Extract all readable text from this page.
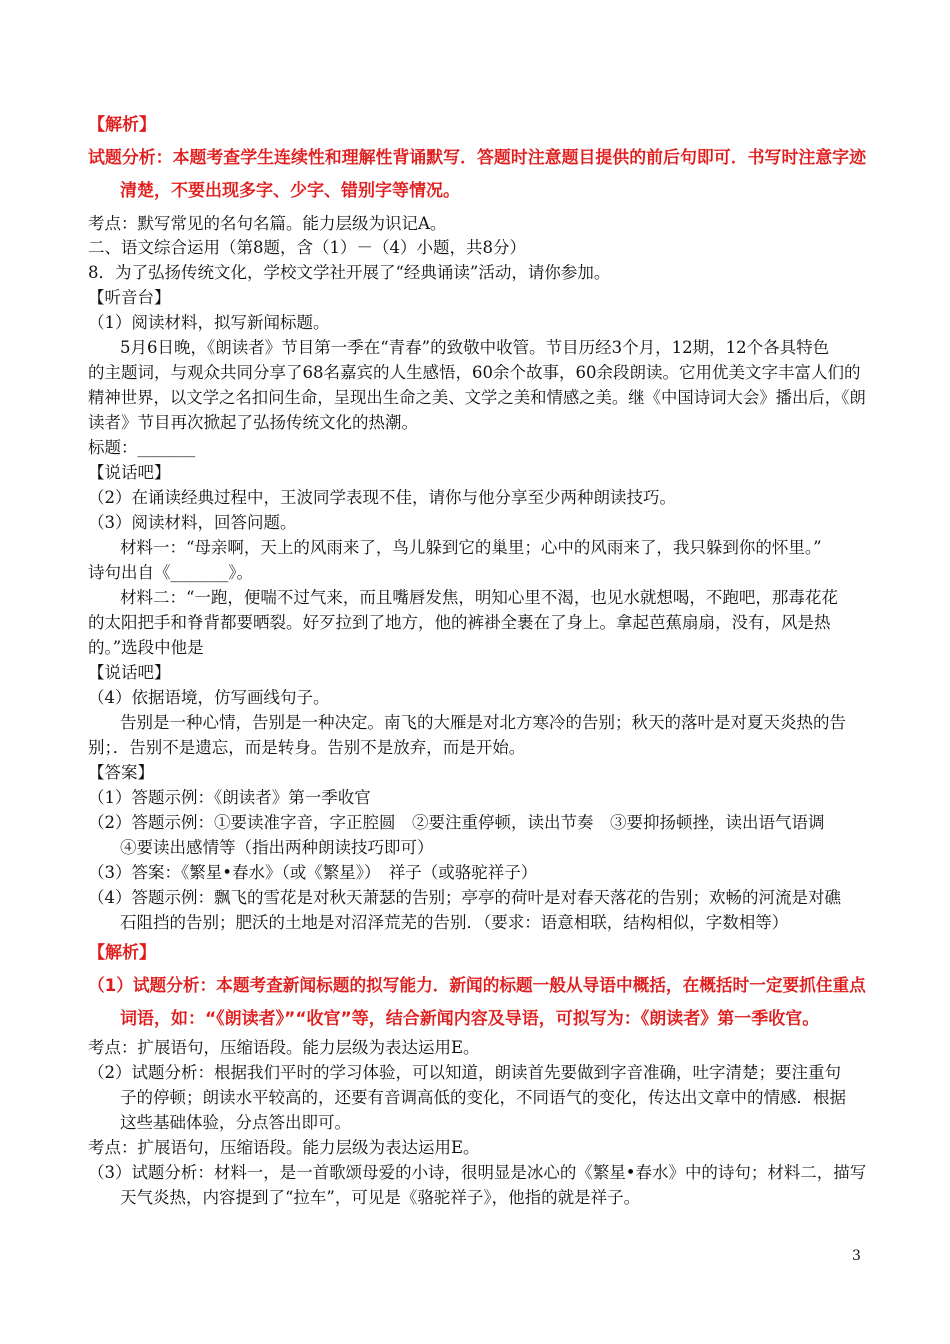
【解析】
试题分析：本题考查学生连续性和理解性背诵默写．答题时注意题目提供的前后句即可．书写时注意字迹
清楚，不要出现多字、少字、错别字等情况。
考点：默写常见的名句名篇。能力层级为识记A。
二、语文综合运用（第8题，含（1）－（4）小题，共8分）
8．为了弘扬传统文化，学校文学社开展了“经典诵读”活动，请你参加。
【听音台】
（1）阅读材料，拟写新闻标题。
5月6日晚，《朗读者》节目第一季在“青春”的致敬中收管。节目历经3个月，12期，12个各具特色
的主题词，与观众共同分享了68名嘉宾的人生感悟，60余个故事，60余段朗读。它用优美文字丰富人们的
精神世界，以文学之名扣问生命，呈现出生命之美、文学之美和情感之美。继《中国诗词大会》播出后，《朗
读者》节目再次掀起了弘扬传统文化的热潮。
标题：_______
【说话吧】
（2）在诵读经典过程中，王波同学表现不佳，请你与他分享至少两种朗读技巧。
（3）阅读材料，回答问题。
材料一：“母亲啊，天上的风雨来了，鸟儿躲到它的巢里；心中的风雨来了，我只躲到你的怀里。”
诗句出自《_______》。
材料二：“一跑，便喘不过气来，而且嘴唇发焦，明知心里不渴，也见水就想喝，不跑吧，那毒花花
的太阳把手和脊背都要晒裂。好歹拉到了地方，他的裤褂全裹在了身上。拿起芭蕉扇扇，没有，风是热
的。”选段中他是
【说话吧】
（4）依据语境，仿写画线句子。
告别是一种心情，告别是一种决定。南飞的大雁是对北方寒冷的告别；秋天的落叶是对夏天炎热的告
别；．告别不是遗忘，而是转身。告别不是放弃，而是开始。
【答案】
（1）答题示例：《朗读者》第一季收官
（2）答题示例：①要读准字音，字正腔圆　②要注重停顿，读出节奏　③要抑扬顿挫，读出语气语调
④要读出感情等（指出两种朗读技巧即可）
（3）答案：《繁星•春水》（或《繁星》）　祥子（或骆驼祥子）
（4）答题示例：飘飞的雪花是对秋天萧瑟的告别；亭亭的荷叶是对春天落花的告别；欢畅的河流是对礁
石阻挡的告别；肥沃的土地是对沼泽荒芜的告别．（要求：语意相联，结构相似，字数相等）
【解析】
（1）试题分析：本题考查新闻标题的拟写能力．新闻的标题一般从导语中概括，在概括时一定要抓住重点
词语，如：“《朗读者》”“收官”等，结合新闻内容及导语，可拟写为：《朗读者》第一季收官。
考点：扩展语句，压缩语段。能力层级为表达运用E。
（2）试题分析：根据我们平时的学习体验，可以知道，朗读首先要做到字音准确，吐字清楚；要注重句
子的停顿；朗读水平较高的，还要有音调高低的变化，不同语气的变化，传达出文章中的情感．根据
这些基础体验，分点答出即可。
考点：扩展语句，压缩语段。能力层级为表达运用E。
（3）试题分析：材料一，是一首歌颂母爱的小诗，很明显是冰心的《繁星•春水》中的诗句；材料二，描写
天气炎热，内容提到了“拉车”，可见是《骆驼祥子》，他指的就是祥子。
3
